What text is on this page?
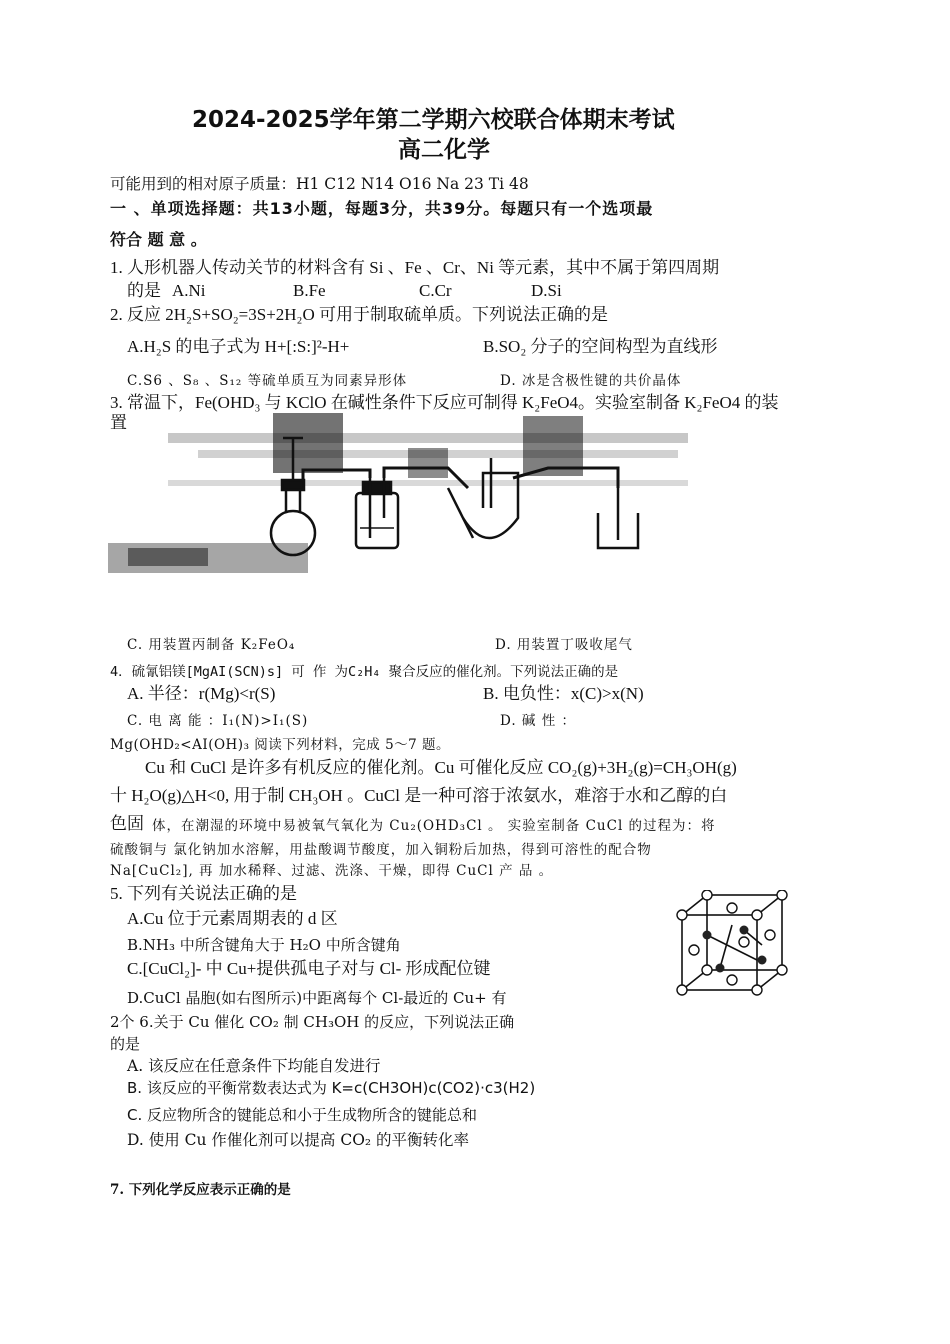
2024-2025学年第二学期六校联合体期末考试
高二化学
可能用到的相对原子质量：H1 C12 N14 O16 Na 23 Ti 48
一 、单项选择题：共13小题，每题3分，共39分。每题只有一个选项最
符合 题 意 。
1. 人形机器人传动关节的材料含有 Si 、Fe 、Cr、Ni 等元素，其中不属于第四周期
的是 A.Ni	B.Fe	C.Cr	D.Si
2. 反应 2H₂S+SO₂=3S+2H₂O 可用于制取硫单质。下列说法正确的是
A.H₂S 的电子式为 H+[:S:]²-H+	B.SO₂ 分子的空间构型为直线形
C.S6 、S₈ 、S₁₂ 等硫单质互为同素异形体	D. 冰是含极性键的共价晶体
3. 常温下，Fe(OHD₃ 与 KClO 在碱性条件下反应可制得 K₂FeO4。实验室制备 K₂FeO4 的装
置
C. 用装置丙制备 K₂FeO₄	D. 用装置丁吸收尾气
4．硫氰铝镁[MgAI(SCN)s] 可 作 为C₂H₄ 聚合反应的催化剂。下列说法正确的是
A. 半径：r(Mg)<r(S)	B. 电负性：x(C)>x(N)
C. 电 离 能 ：I₁(N)>I₁(S)	D. 碱 性 ：
Mg(OHD₂<AI(OH)₃ 阅读下列材料，完成 5～7 题。
Cu 和 CuCl 是许多有机反应的催化剂。Cu 可催化反应 CO₂(g)+3H₂(g)=CH₃OH(g)
十 H₂O(g)△H<0, 用于制 CH₃OH 。CuCl 是一种可溶于浓氨水，难溶于水和乙醇的白
色固 体，在潮湿的环境中易被氧气氧化为 Cu₂(OHD₃Cl 。 实验室制备 CuCl 的过程为：将
硫酸铜与 氯化钠加水溶解，用盐酸调节酸度，加入铜粉后加热，得到可溶性的配合物
Na[CuCl₂], 再 加水稀释、过滤、洗涤、干燥，即得 CuCl 产 品 。
5. 下列有关说法正确的是
A.Cu 位于元素周期表的 d 区
B.NH₃ 中所含键角大于 H₂O 中所含键角
C.[CuCl₂]- 中 Cu+提供孤电子对与 Cl- 形成配位键
D.CuCl 晶胞(如右图所示)中距离每个 Cl-最近的 Cu+ 有
2个 6.关于 Cu 催化 CO₂ 制 CH₃OH 的反应，下列说法正确
的是
A. 该反应在任意条件下均能自发进行
B. 该反应的平衡常数表达式为 K=c(CH3OH)c(CO2)·c3(H2)
C. 反应物所含的键能总和小于生成物所含的键能总和
D. 使用 Cu 作催化剂可以提高 CO₂ 的平衡转化率
7. 下列化学反应表示正确的是
